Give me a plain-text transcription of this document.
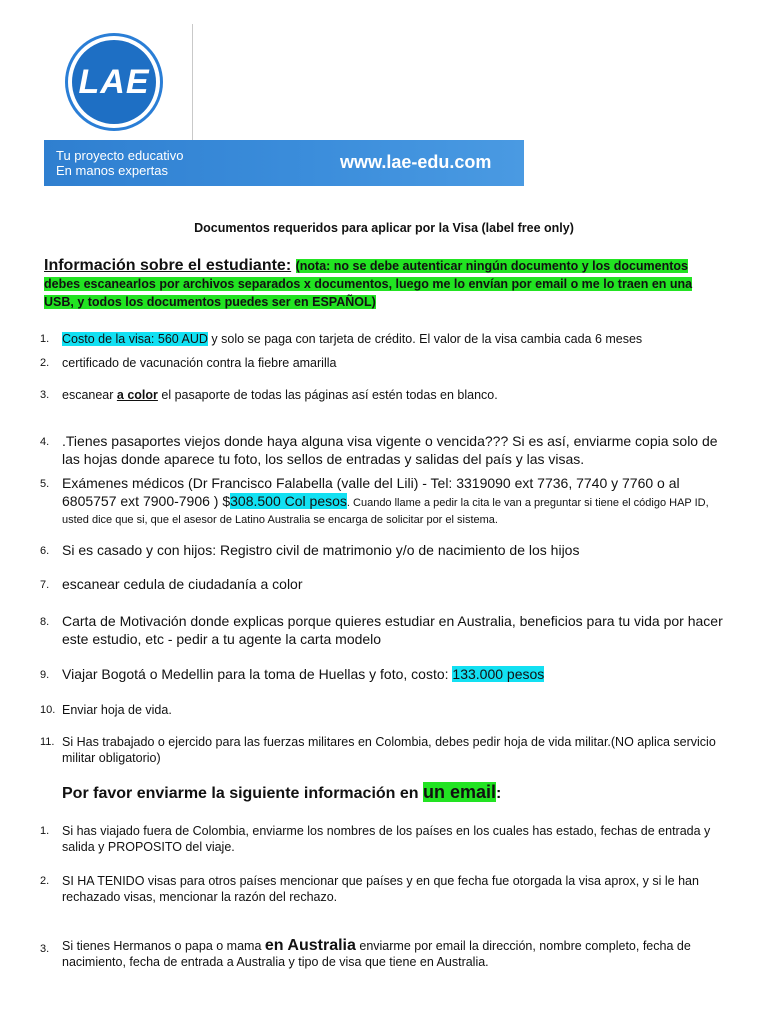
LAE
Tu proyecto educativo
En manos expertas	www.lae-edu.com
Documentos requeridos para aplicar por la Visa (label free only)
Información sobre el estudiante: (nota: no se debe autenticar ningún documento y los documentos debes escanearlos por archivos separados x documentos, luego me lo envían por email o me lo traen en una USB, y todos los documentos puedes ser en ESPAÑOL)
1.	Costo de la visa: 560 AUD y solo se paga con tarjeta de crédito. El valor de la visa cambia cada 6 meses
2.	certificado de vacunación contra la fiebre amarilla
3.	escanear a color el pasaporte de todas las páginas así estén todas en blanco.
4. .Tienes pasaportes viejos donde haya alguna visa vigente o vencida??? Si es así, enviarme copia solo de las hojas donde aparece tu foto, los sellos de entradas y salidas del país y las visas.
5. Exámenes médicos (Dr Francisco Falabella (valle del Lili) - Tel: 3319090 ext 7736, 7740 y 7760 o al 6805757 ext 7900-7906 ) $308.500 Col pesos. Cuando llame a pedir la cita le van a preguntar si tiene el código HAP ID, usted dice que si, que el asesor de Latino Australia se encarga de solicitar por el sistema.
6. Si es casado y con hijos: Registro civil de matrimonio y/o de nacimiento de los hijos
7. escanear cedula de ciudadanía a color
8. Carta de Motivación donde explicas porque quieres estudiar en Australia, beneficios para tu vida por hacer este estudio, etc - pedir a tu agente la carta modelo
9. Viajar Bogotá o Medellin para la toma de Huellas y foto, costo: 133.000 pesos
10. Enviar hoja de vida.
11. Si Has trabajado o ejercido para las fuerzas militares en Colombia, debes pedir hoja de vida militar.(NO aplica servicio militar obligatorio)
Por favor enviarme la siguiente información en un email:
1.	Si has viajado fuera de Colombia, enviarme los nombres de los países en los cuales has estado, fechas de entrada y salida y PROPOSITO del viaje.
2.	SI HA TENIDO visas para otros países mencionar que países y en que fecha fue otorgada la visa aprox, y si le han rechazado visas, mencionar la razón del rechazo.
3.	Si tienes Hermanos o papa o mama en Australia enviarme por email la dirección, nombre completo, fecha de nacimiento, fecha de entrada a Australia y tipo de visa que tiene en Australia.
